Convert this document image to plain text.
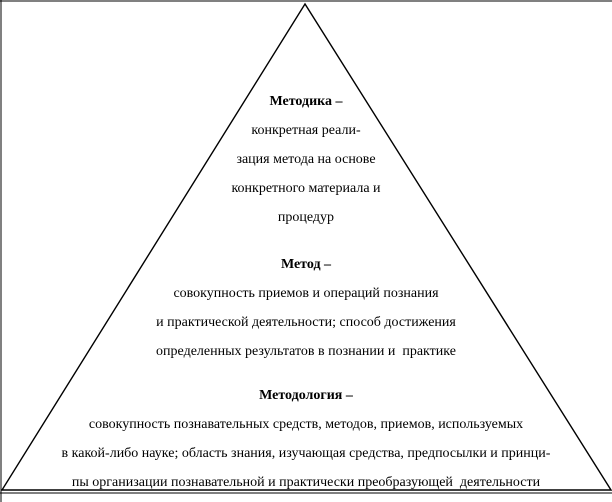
Методика –
конкретная реали-
зация метода на основе
конкретного материала и
процедур
Метод –
совокупность приемов и операций познания
и практической деятельности; способ достижения
определенных результатов в познании и  практике
Методология –
совокупность познавательных средств, методов, приемов, используемых
в какой-либо науке; область знания, изучающая средства, предпосылки и принци-
пы организации познавательной и практически преобразующей  деятельности
